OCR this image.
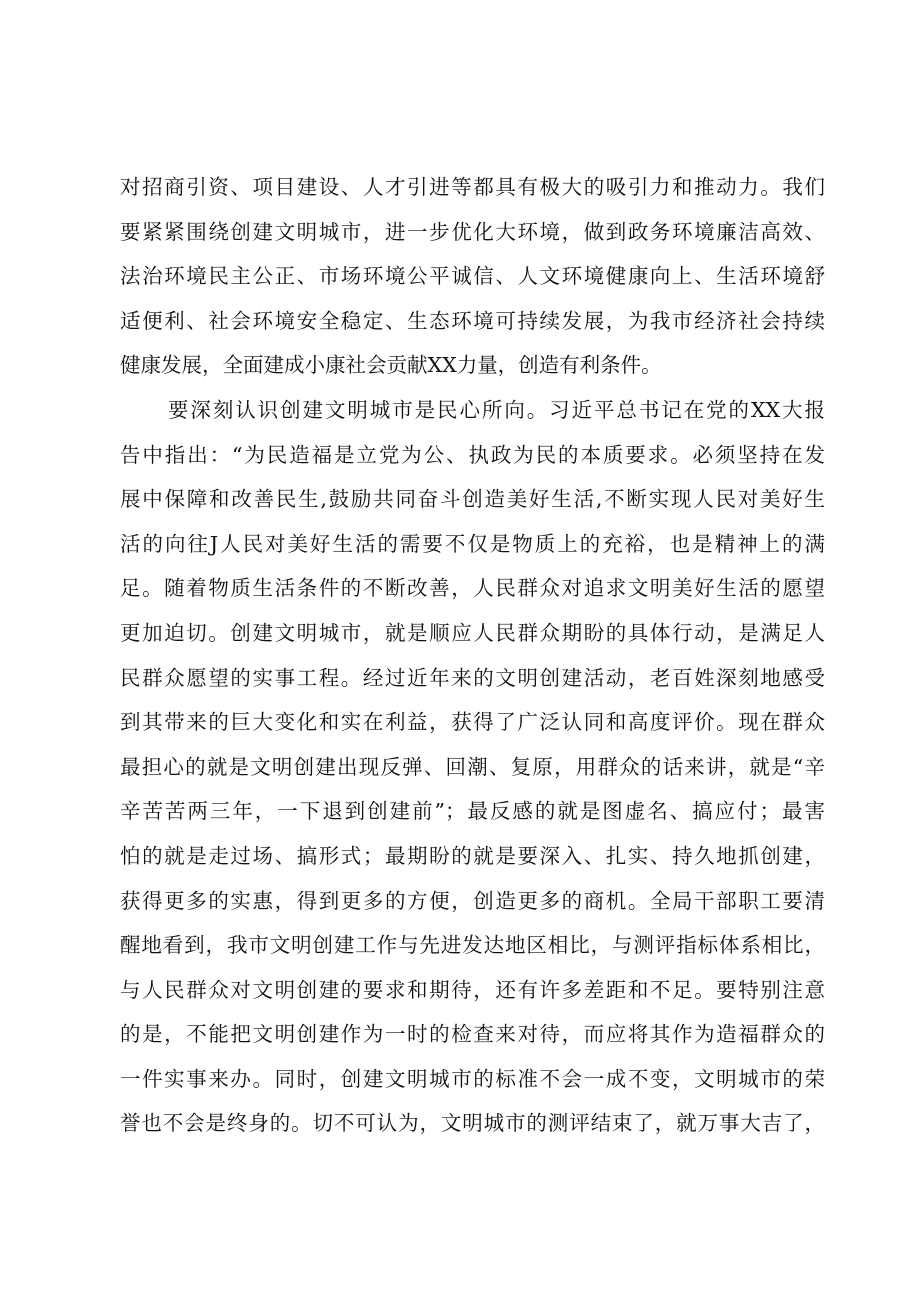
对招商引资、项目建设、人才引进等都具有极大的吸引力和推动力。我们
要紧紧围绕创建文明城市，进一步优化大环境，做到政务环境廉洁高效、
法治环境民主公正、市场环境公平诚信、人文环境健康向上、生活环境舒
适便利、社会环境安全稳定、生态环境可持续发展，为我市经济社会持续
健康发展，全面建成小康社会贡献XX力量，创造有利条件。
要深刻认识创建文明城市是民心所向。习近平总书记在党的XX大报
告中指出：“为民造福是立党为公、执政为民的本质要求。必须坚持在发
展中保障和改善民生,鼓励共同奋斗创造美好生活,不断实现人民对美好生
活的向往J人民对美好生活的需要不仅是物质上的充裕，也是精神上的满
足。随着物质生活条件的不断改善，人民群众对追求文明美好生活的愿望
更加迫切。创建文明城市，就是顺应人民群众期盼的具体行动，是满足人
民群众愿望的实事工程。经过近年来的文明创建活动，老百姓深刻地感受
到其带来的巨大变化和实在利益，获得了广泛认同和高度评价。现在群众
最担心的就是文明创建出现反弹、回潮、复原，用群众的话来讲，就是“辛
辛苦苦两三年，一下退到创建前”；最反感的就是图虚名、搞应付；最害
怕的就是走过场、搞形式；最期盼的就是要深入、扎实、持久地抓创建，
获得更多的实惠，得到更多的方便，创造更多的商机。全局干部职工要清
醒地看到，我市文明创建工作与先进发达地区相比，与测评指标体系相比，
与人民群众对文明创建的要求和期待，还有许多差距和不足。要特别注意
的是，不能把文明创建作为一时的检查来对待，而应将其作为造福群众的
一件实事来办。同时，创建文明城市的标准不会一成不变，文明城市的荣
誉也不会是终身的。切不可认为，文明城市的测评结束了，就万事大吉了，
